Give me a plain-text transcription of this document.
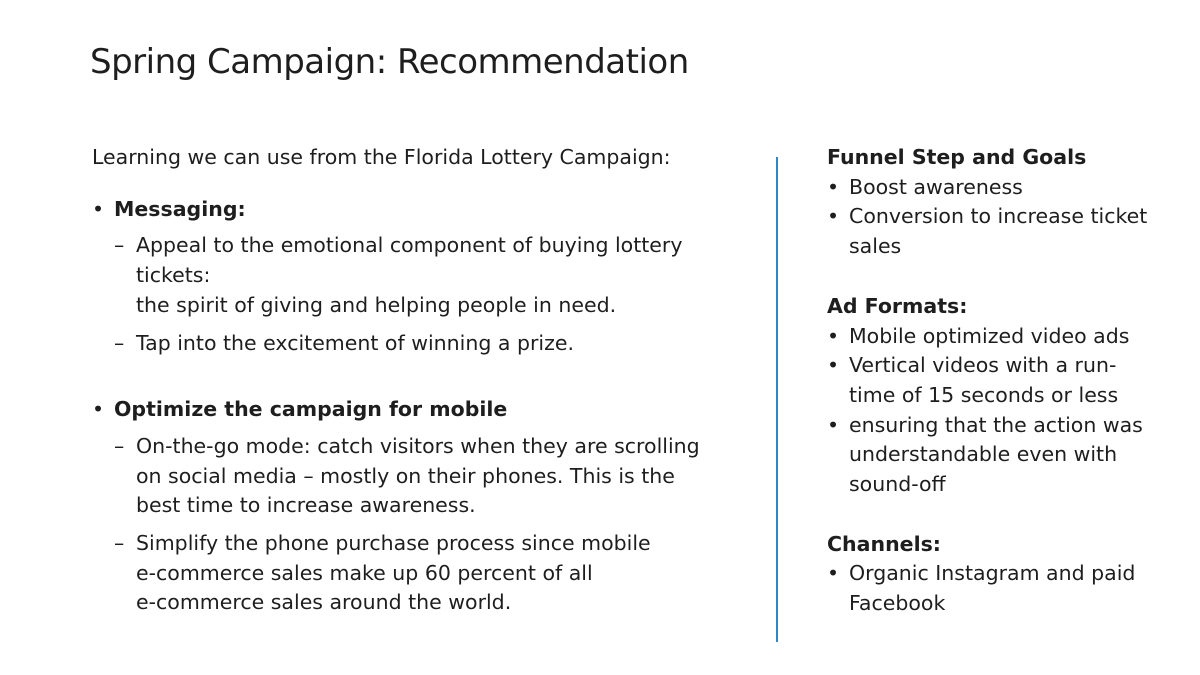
Spring Campaign: Recommendation

Learning we can use from the Florida Lottery Campaign:

• Messaging:
– Appeal to the emotional component of buying lottery tickets:
the spirit of giving and helping people in need.
– Tap into the excitement of winning a prize.
• Optimize the campaign for mobile
– On-the-go mode: catch visitors when they are scrolling on social media – mostly on their phones. This is the best time to increase awareness.
– Simplify the phone purchase process since mobile
e-commerce sales make up 60 percent of all
e-commerce sales around the world.

Funnel Step and Goals

• Boost awareness
• Conversion to increase ticket sales

Ad Formats:

• Mobile optimized video ads
• Vertical videos with a run-
time of 15 seconds or less
• ensuring that the action was understandable even with sound-off

Channels:

• Organic Instagram and paid Facebook
